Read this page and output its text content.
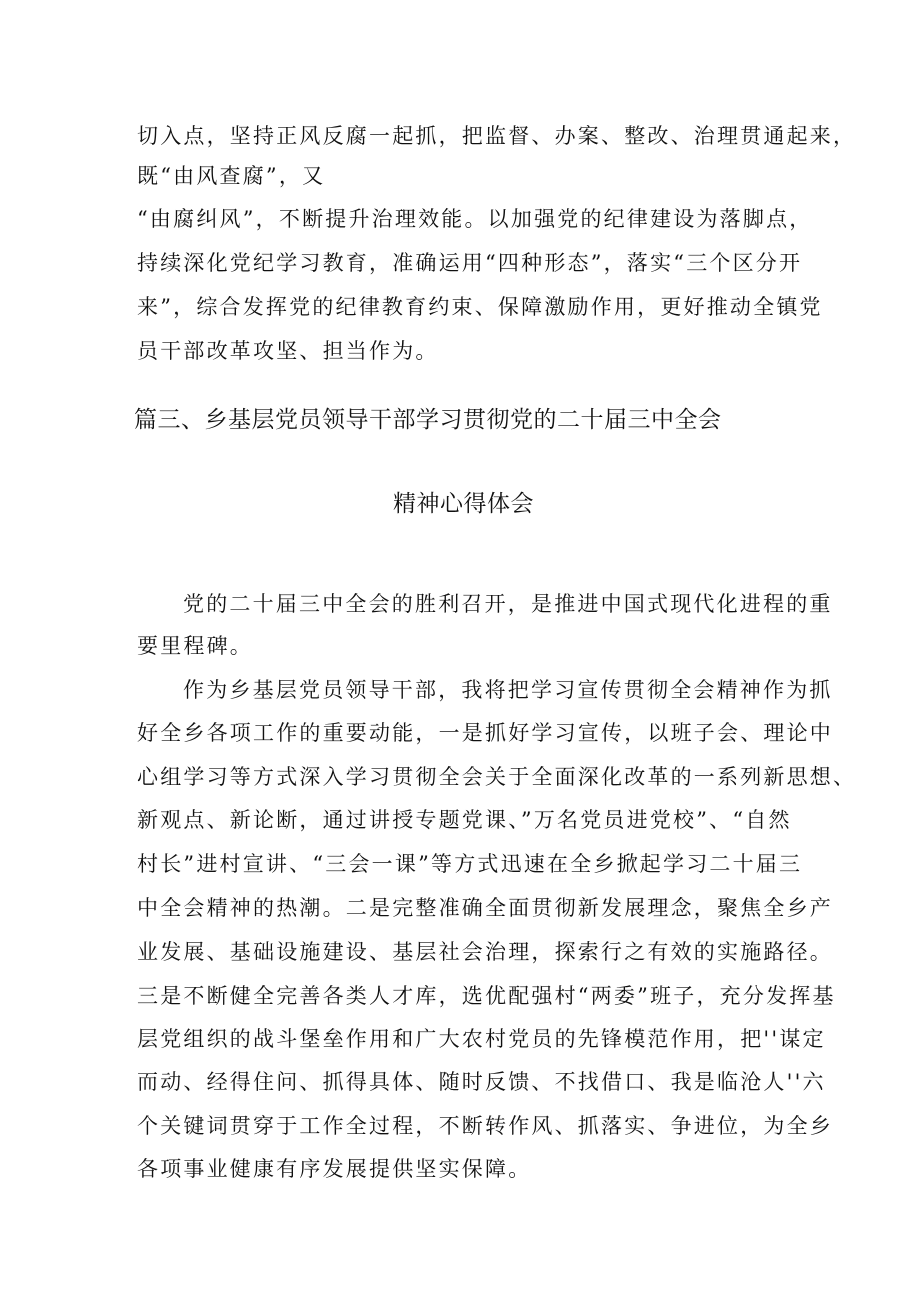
切入点，坚持正风反腐一起抓，把监督、办案、整改、治理贯通起来，
既“由风查腐”，又
“由腐纠风”，不断提升治理效能。以加强党的纪律建设为落脚点，
持续深化党纪学习教育，准确运用“四种形态”，落实“三个区分开
来”，综合发挥党的纪律教育约束、保障激励作用，更好推动全镇党
员干部改革攻坚、担当作为。
篇三、乡基层党员领导干部学习贯彻党的二十届三中全会
精神心得体会
党的二十届三中全会的胜利召开，是推进中国式现代化进程的重
要里程碑。
作为乡基层党员领导干部，我将把学习宣传贯彻全会精神作为抓
好全乡各项工作的重要动能，一是抓好学习宣传，以班子会、理论中
心组学习等方式深入学习贯彻全会关于全面深化改革的一系列新思想、
新观点、新论断，通过讲授专题党课、”万名党员进党校”、“自然
村长”进村宣讲、“三会一课”等方式迅速在全乡掀起学习二十届三
中全会精神的热潮。二是完整准确全面贯彻新发展理念，聚焦全乡产
业发展、基础设施建设、基层社会治理，探索行之有效的实施路径。
三是不断健全完善各类人才库，选优配强村“两委”班子，充分发挥基
层党组织的战斗堡垒作用和广大农村党员的先锋模范作用，把''谋定
而动、经得住问、抓得具体、随时反馈、不找借口、我是临沧人''六
个关键词贯穿于工作全过程，不断转作风、抓落实、争进位，为全乡
各项事业健康有序发展提供坚实保障。
